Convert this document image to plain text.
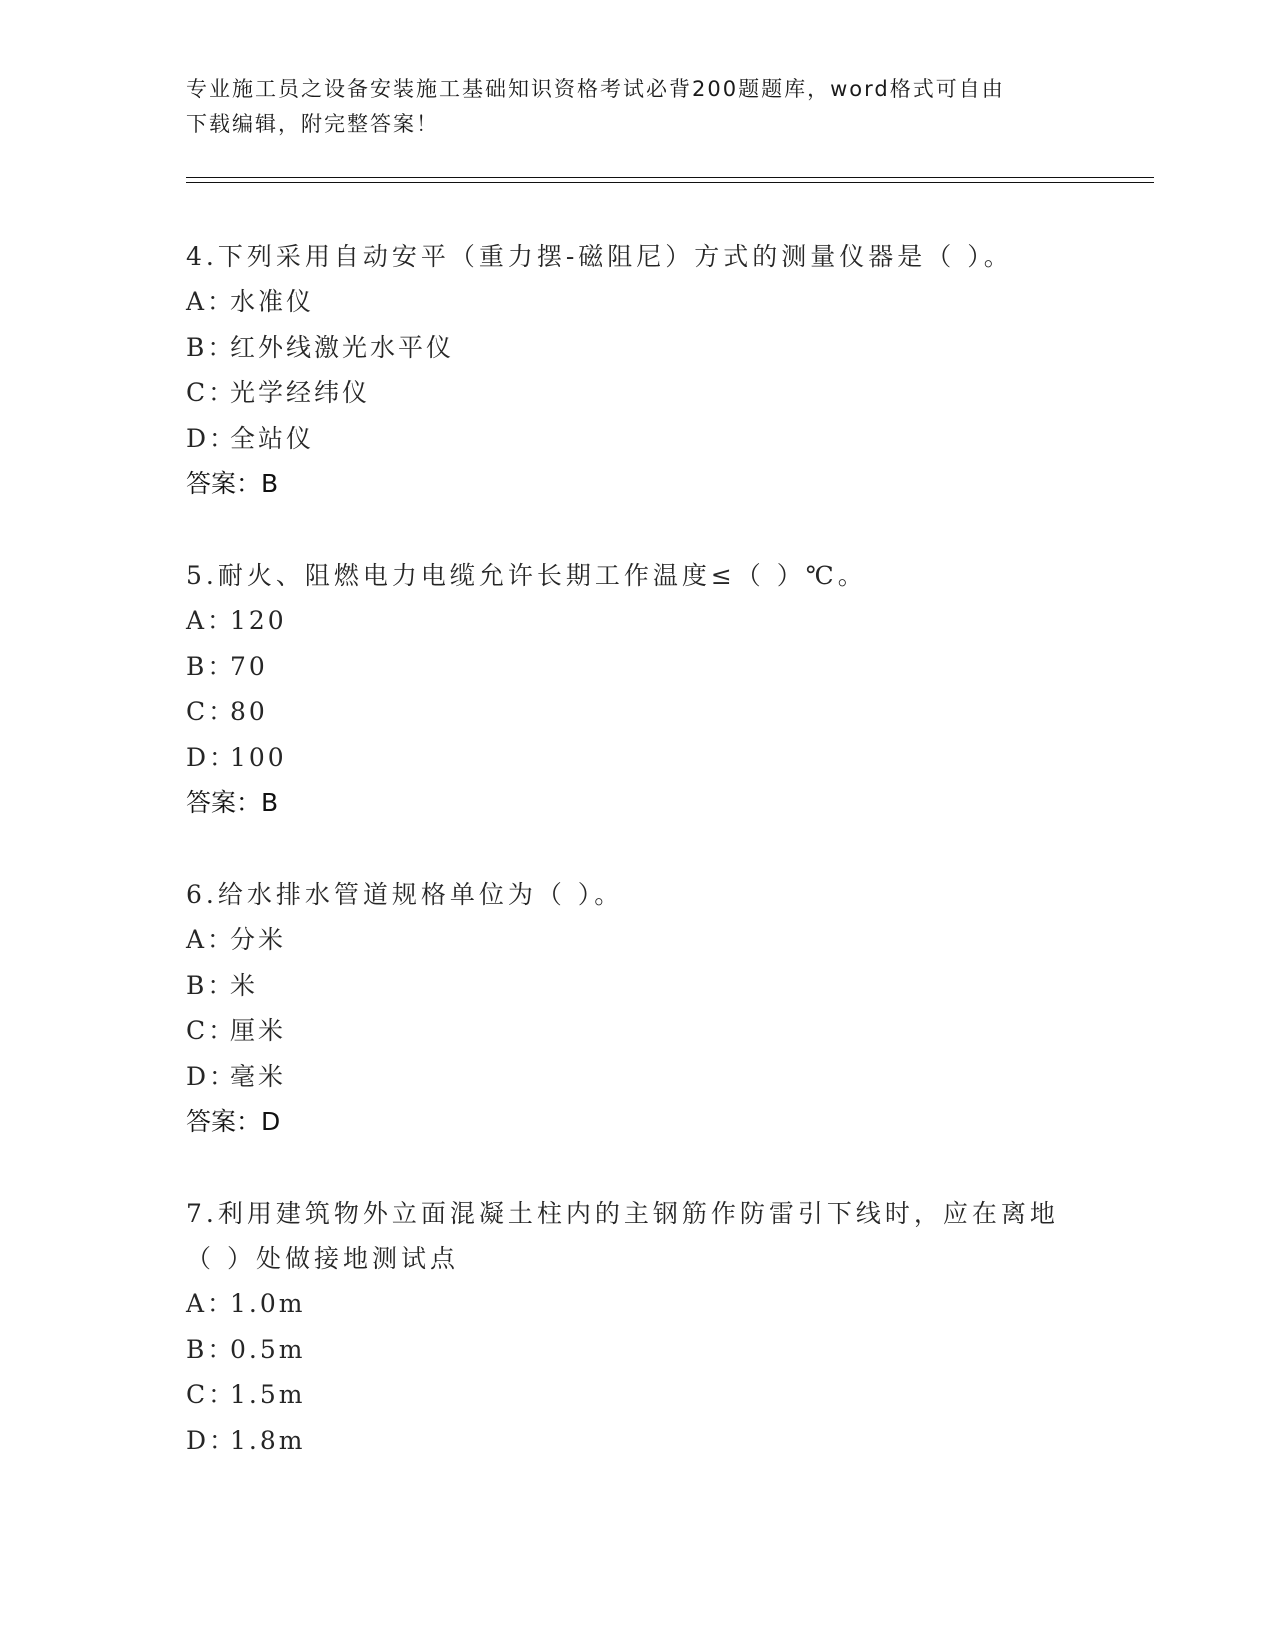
专业施工员之设备安装施工基础知识资格考试必背200题题库，word格式可自由
下载编辑，附完整答案！

4.下列采用自动安平（重力摆-磁阻尼）方式的测量仪器是（ ）。

A：水准仪

B：红外线激光水平仪

C：光学经纬仪

D：全站仪

答案：B

5.耐火、阻燃电力电缆允许长期工作温度≤（ ）℃。

A：120

B：70

C：80

D：100

答案：B

6.给水排水管道规格单位为（ ）。

A：分米

B：米

C：厘米

D：毫米

答案：D

7.利用建筑物外立面混凝土柱内的主钢筋作防雷引下线时，应在离地（ ）处做接地测试点

A：1.0m

B：0.5m

C：1.5m

D：1.8m
